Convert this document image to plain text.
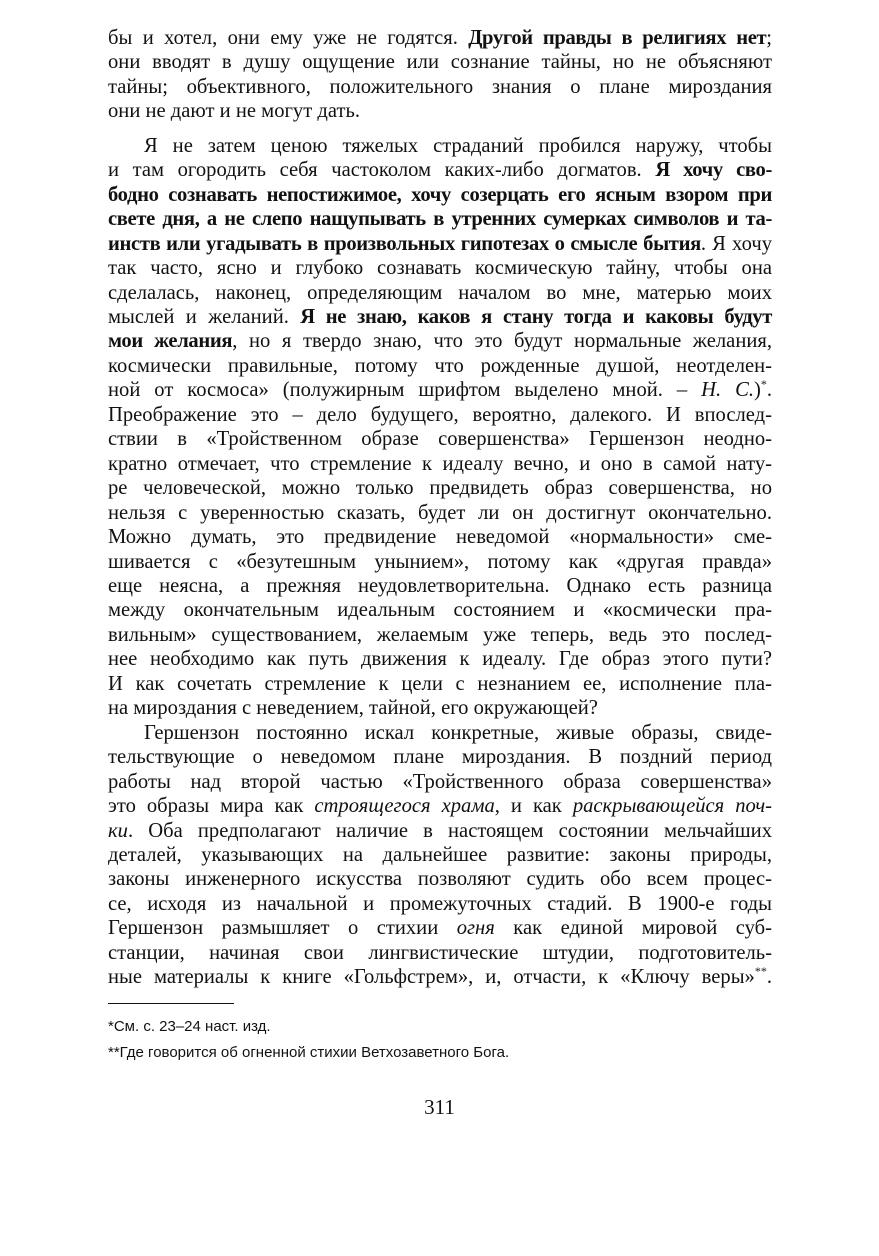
бы и хотел, они ему уже не годятся. Другой правды в религиях нет;
они вводят в душу ощущение или сознание тайны, но не объясняют
тайны; объективного, положительного знания о плане мироздания
они не дают и не могут дать.
Я не затем ценою тяжелых страданий пробился наружу, чтобы
и там огородить себя частоколом каких-либо догматов. Я хочу сво-
бодно сознавать непостижимое, хочу созерцать его ясным взором при
свете дня, а не слепо нащупывать в утренних сумерках символов и та-
инств или угадывать в произвольных гипотезах о смысле бытия. Я хочу
так часто, ясно и глубоко сознавать космическую тайну, чтобы она
сделалась, наконец, определяющим началом во мне, матерью моих
мыслей и желаний. Я не знаю, каков я стану тогда и каковы будут
мои желания, но я твердо знаю, что это будут нормальные желания,
космически правильные, потому что рожденные душой, неотделен-
ной от космоса» (полужирным шрифтом выделено мной. – Н. С.)*.
Преображение это – дело будущего, вероятно, далекого. И впослед-
ствии в «Тройственном образе совершенства» Гершензон неодно-
кратно отмечает, что стремление к идеалу вечно, и оно в самой нату-
ре человеческой, можно только предвидеть образ совершенства, но
нельзя с уверенностью сказать, будет ли он достигнут окончательно.
Можно думать, это предвидение неведомой «нормальности» сме-
шивается с «безутешным унынием», потому как «другая правда»
еще неясна, а прежняя неудовлетворительна. Однако есть разница
между окончательным идеальным состоянием и «космически пра-
вильным» существованием, желаемым уже теперь, ведь это послед-
нее необходимо как путь движения к идеалу. Где образ этого пути?
И как сочетать стремление к цели с незнанием ее, исполнение пла-
на мироздания с неведением, тайной, его окружающей?
Гершензон постоянно искал конкретные, живые образы, свиде-
тельствующие о неведомом плане мироздания. В поздний период
работы над второй частью «Тройственного образа совершенства»
это образы мира как строящегося храма, и как раскрывающейся поч-
ки. Оба предполагают наличие в настоящем состоянии мельчайших
деталей, указывающих на дальнейшее развитие: законы природы,
законы инженерного искусства позволяют судить обо всем процес-
се, исходя из начальной и промежуточных стадий. В 1900-е годы
Гершензон размышляет о стихии огня как единой мировой суб-
станции, начиная свои лингвистические штудии, подготовитель-
ные материалы к книге «Гольфстрем», и, отчасти, к «Ключу веры»**.
*См. с. 23–24 наст. изд.
**Где говорится об огненной стихии Ветхозаветного Бога.
311
